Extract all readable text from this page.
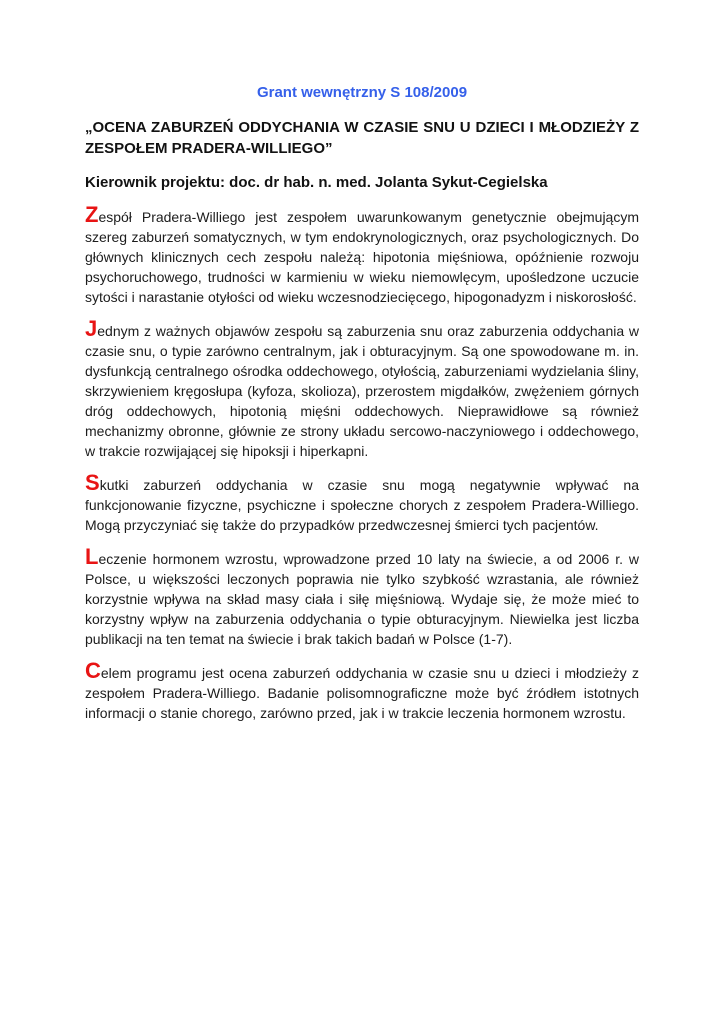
Grant wewnętrzny S 108/2009
„OCENA ZABURZEŃ ODDYCHANIA W CZASIE SNU U DZIECI I MŁODZIEŻY Z ZESPOŁEM PRADERA-WILLIEGO”
Kierownik projektu: doc. dr hab. n. med. Jolanta Sykut-Cegielska

Zespół Pradera-Williego jest zespołem uwarunkowanym genetycznie obejmującym szereg zaburzeń somatycznych, w tym endokrynologicznych, oraz psychologicznych. Do głównych klinicznych cech zespołu należą: hipotonia mięśniowa, opóźnienie rozwoju psychoruchowego, trudności w karmieniu w wieku niemowlęcym, upośledzone uczucie sytości i narastanie otyłości od wieku wczesnodziecięcego, hipogonadyzm i niskorosłość.

Jednym z ważnych objawów zespołu są zaburzenia snu oraz zaburzenia oddychania w czasie snu, o typie zarówno centralnym, jak i obturacyjnym. Są one spowodowane m. in. dysfunkcją centralnego ośrodka oddechowego, otyłością, zaburzeniami wydzielania śliny, skrzywieniem kręgosłupa (kyfoza, skolioza), przerostem migdałków, zwężeniem górnych dróg oddechowych, hipotonią mięśni oddechowych. Nieprawidłowe są również mechanizmy obronne, głównie ze strony układu sercowo-naczyniowego i oddechowego, w trakcie rozwijającej się hipoksji i hiperkapni.

Skutki zaburzeń oddychania w czasie snu mogą negatywnie wpływać na funkcjonowanie fizyczne, psychiczne i społeczne chorych z zespołem Pradera-Williego. Mogą przyczyniać się także do przypadków przedwczesnej śmierci tych pacjentów.

Leczenie hormonem wzrostu, wprowadzone przed 10 laty na świecie, a od 2006 r. w Polsce, u większości leczonych poprawia nie tylko szybkość wzrastania, ale również korzystnie wpływa na skład masy ciała i siłę mięśniową. Wydaje się, że może mieć to korzystny wpływ na zaburzenia oddychania o typie obturacyjnym. Niewielka jest liczba publikacji na ten temat na świecie i brak takich badań w Polsce (1-7).

Celem programu jest ocena zaburzeń oddychania w czasie snu u dzieci i młodzieży z zespołem Pradera-Williego. Badanie polisomnograficzne może być źródłem istotnych informacji o stanie chorego, zarówno przed, jak i w trakcie leczenia hormonem wzrostu.
